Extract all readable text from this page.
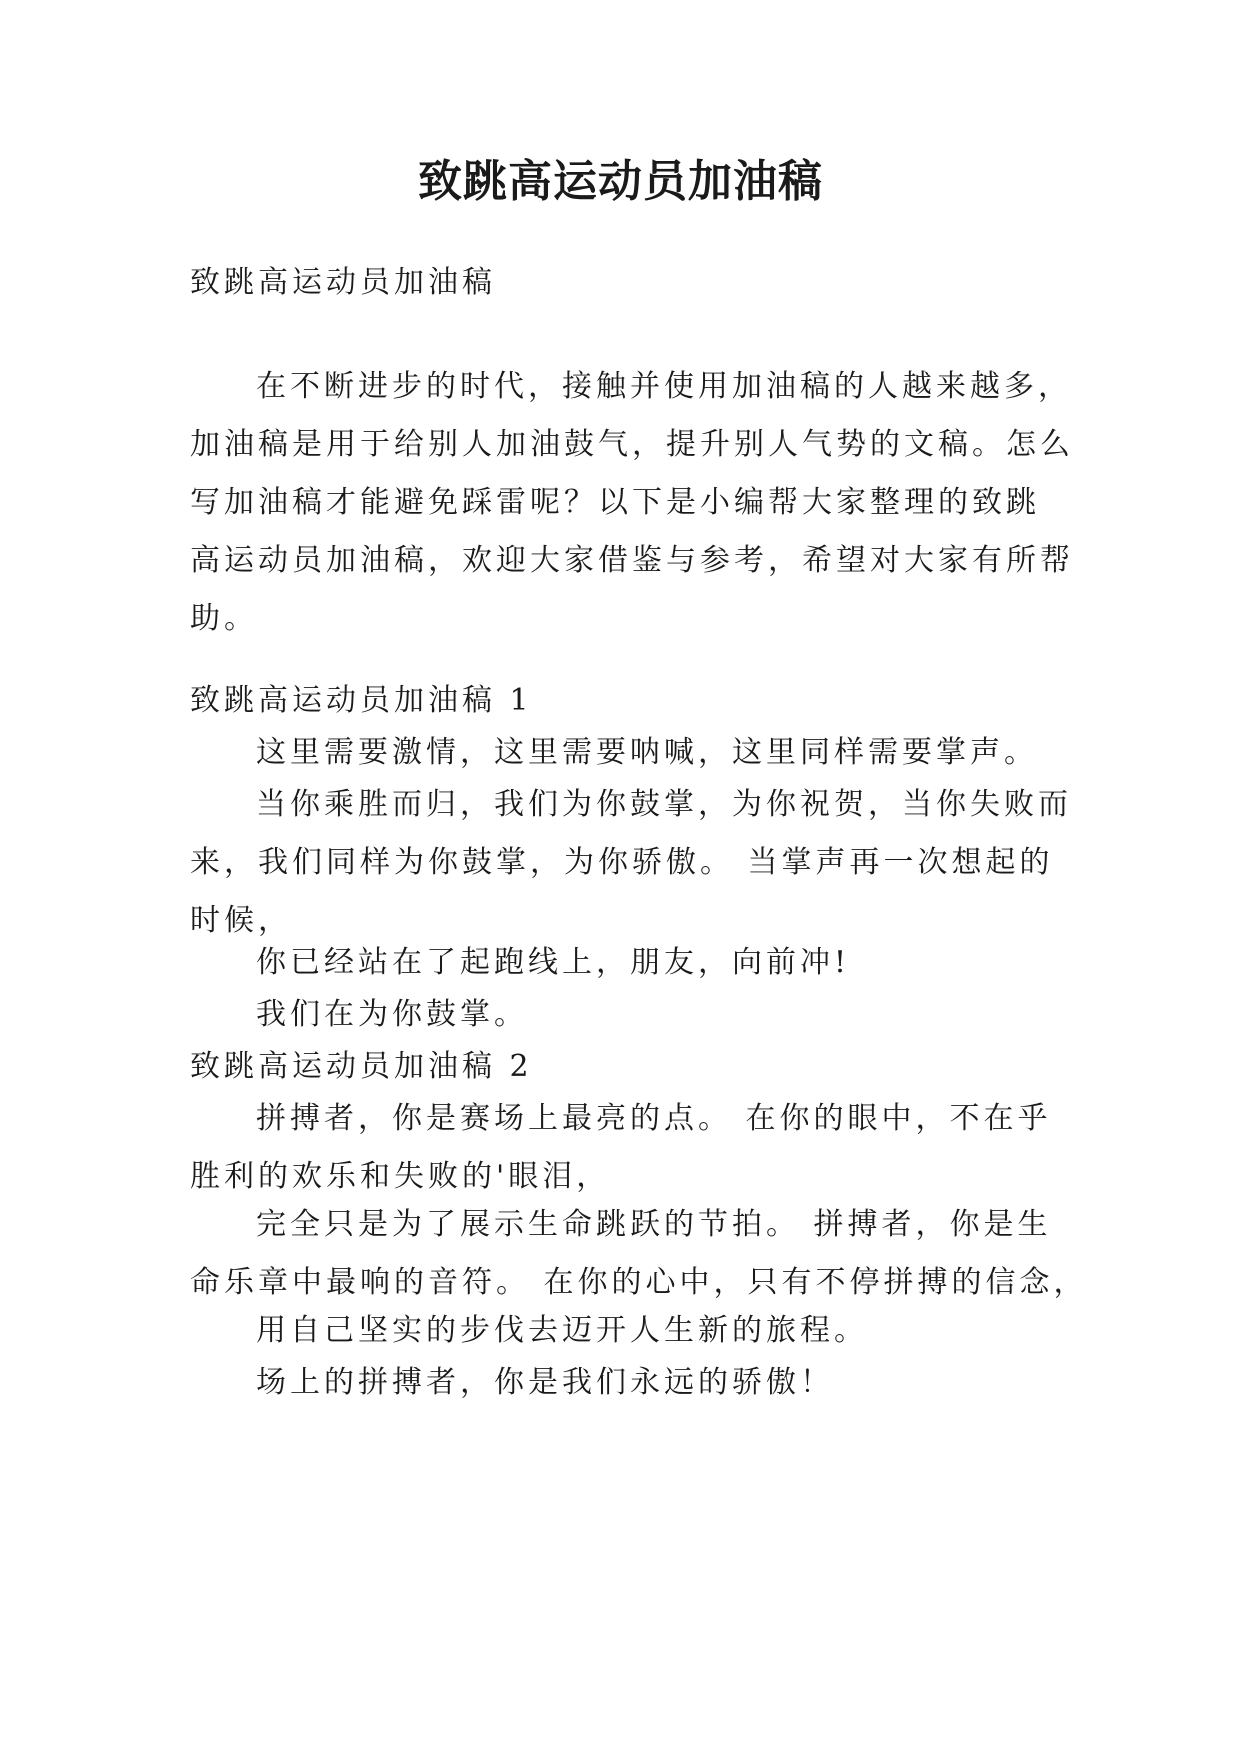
致跳高运动员加油稿
致跳高运动员加油稿
在不断进步的时代，接触并使用加油稿的人越来越多，
加油稿是用于给别人加油鼓气，提升别人气势的文稿。怎么
写加油稿才能避免踩雷呢？以下是小编帮大家整理的致跳
高运动员加油稿，欢迎大家借鉴与参考，希望对大家有所帮
助。
致跳高运动员加油稿 1
这里需要激情，这里需要呐喊，这里同样需要掌声。
当你乘胜而归，我们为你鼓掌，为你祝贺，当你失败而
来，我们同样为你鼓掌，为你骄傲。 当掌声再一次想起的
时候，
你已经站在了起跑线上，朋友，向前冲!
我们在为你鼓掌。
致跳高运动员加油稿 2
拼搏者，你是赛场上最亮的点。 在你的眼中，不在乎
胜利的欢乐和失败的'眼泪，
完全只是为了展示生命跳跃的节拍。 拼搏者，你是生
命乐章中最响的音符。 在你的心中，只有不停拼搏的信念，
用自己坚实的步伐去迈开人生新的旅程。
场上的拼搏者，你是我们永远的骄傲！
